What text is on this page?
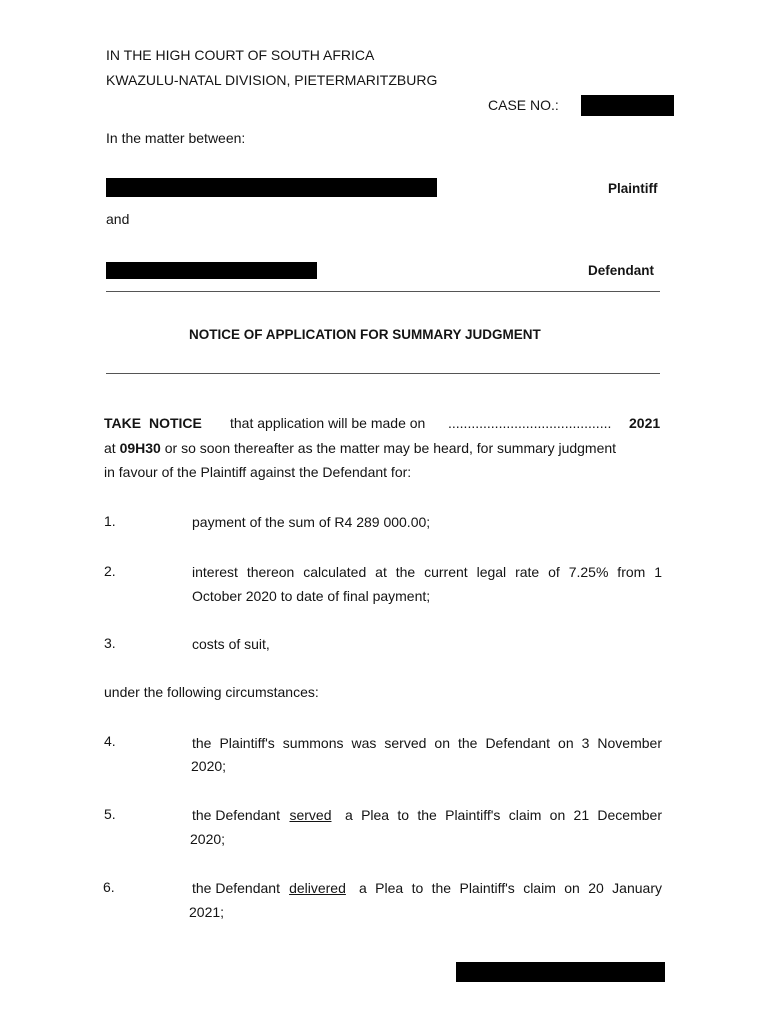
IN THE HIGH COURT OF SOUTH AFRICA
KWAZULU-NATAL DIVISION, PIETERMARITZBURG
CASE NO.:
In the matter between:
Plaintiff
and
Defendant
NOTICE OF APPLICATION FOR SUMMARY JUDGMENT
TAKE NOTICE that application will be made on .......................................... 2021
at 09H30 or so soon thereafter as the matter may be heard, for summary judgment
in favour of the Plaintiff against the Defendant for:
1.	payment of the sum of R4 289 000.00;
2.	interest thereon calculated at the current legal rate of 7.25% from 1
October 2020 to date of final payment;
3.	costs of suit,
under the following circumstances:
4.	the Plaintiff's summons was served on the Defendant on 3 November
2020;
5.	the Defendant served a Plea to the Plaintiff's claim on 21 December
2020;
6.	the Defendant delivered a Plea to the Plaintiff's claim on 20 January
2021;
